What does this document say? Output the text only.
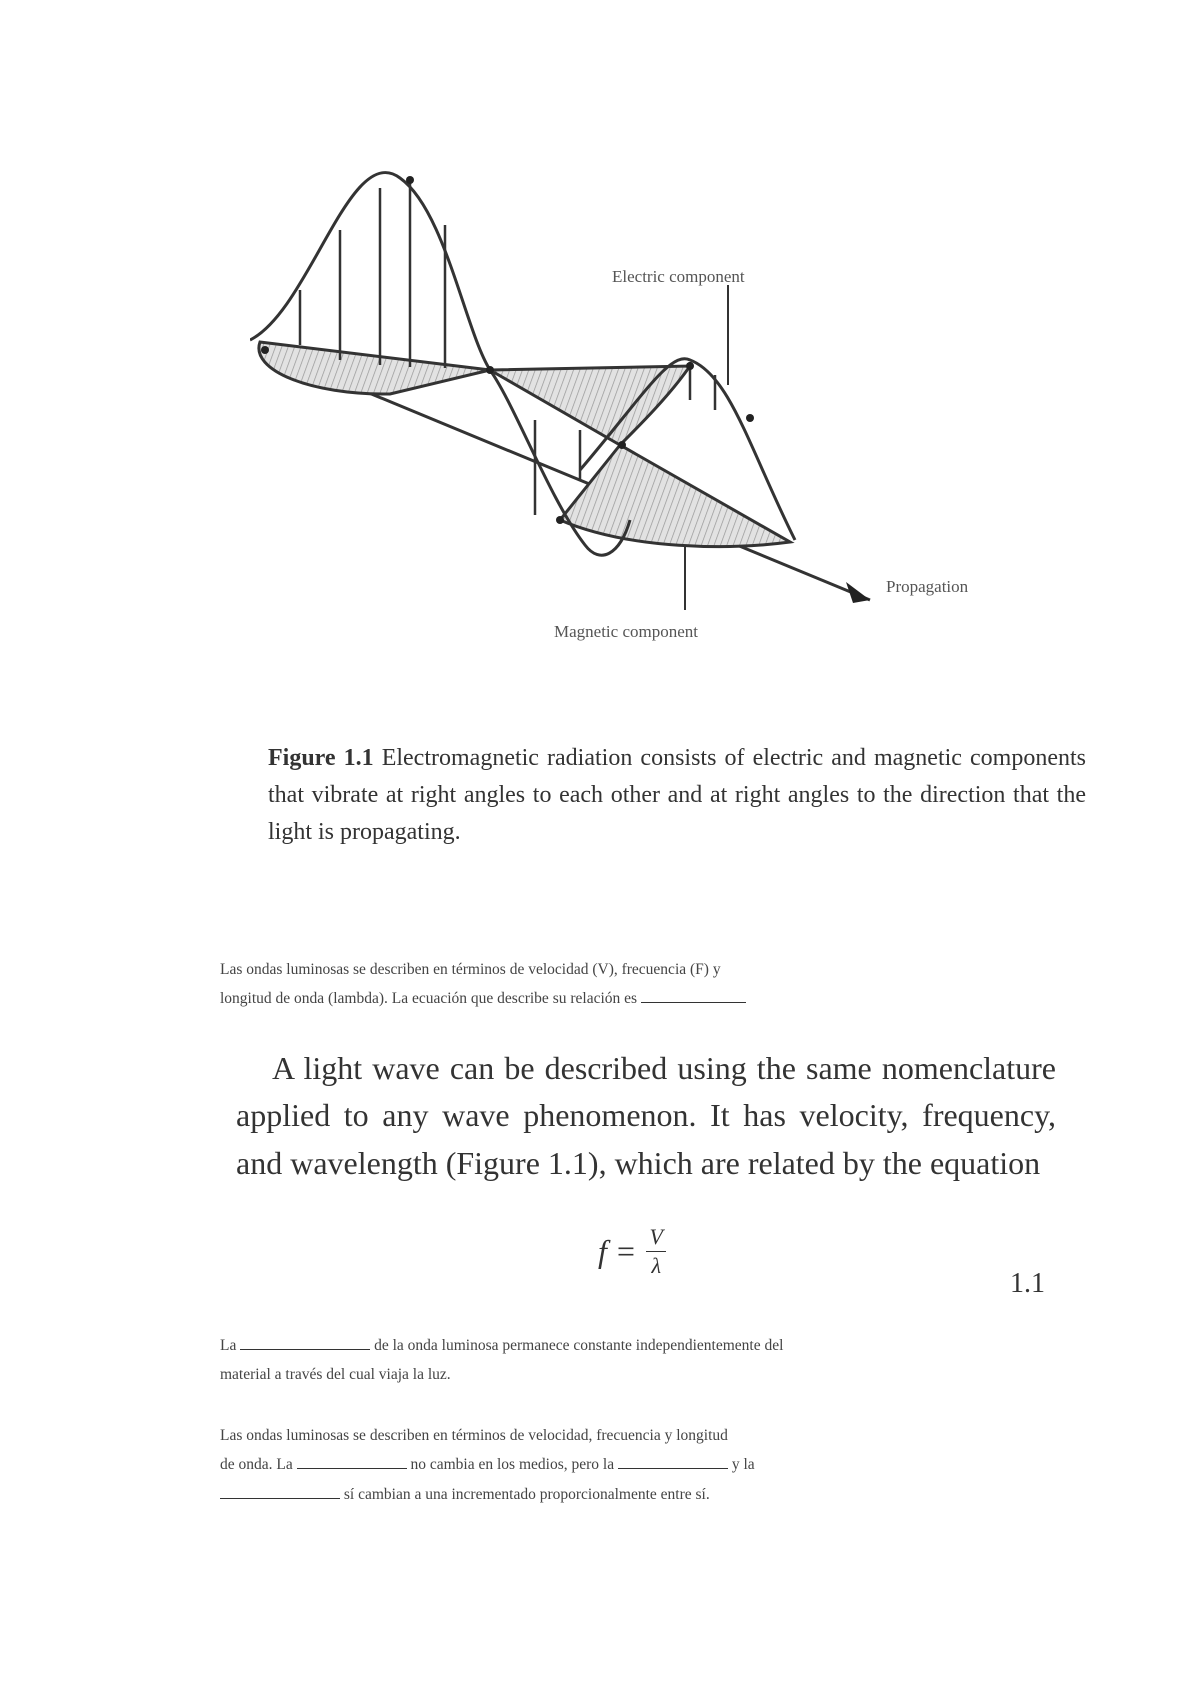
Electric component
Magnetic component
Propagation
Figure 1.1 Electromagnetic radiation consists of electric and magnetic components that vibrate at right angles to each other and at right angles to the direction that the light is propagating.
Las ondas luminosas se describen en términos de velocidad (V), frecuencia (F) y
longitud de onda (lambda). La ecuación que describe su relación es
A light wave can be described using the same nomenclature applied to any wave phenomenon. It has velocity, frequency, and wavelength (Figure 1.1), which are related by the equation
$f = \frac{V}{\lambda}$
1.1
La	de la onda luminosa permanece constante independientemente del
material a través del cual viaja la luz.
Las ondas luminosas se describen en términos de velocidad, frecuencia y longitud
de onda. La	no cambia en los medios, pero la	y la
sí cambian a una incrementado proporcionalmente entre sí.
